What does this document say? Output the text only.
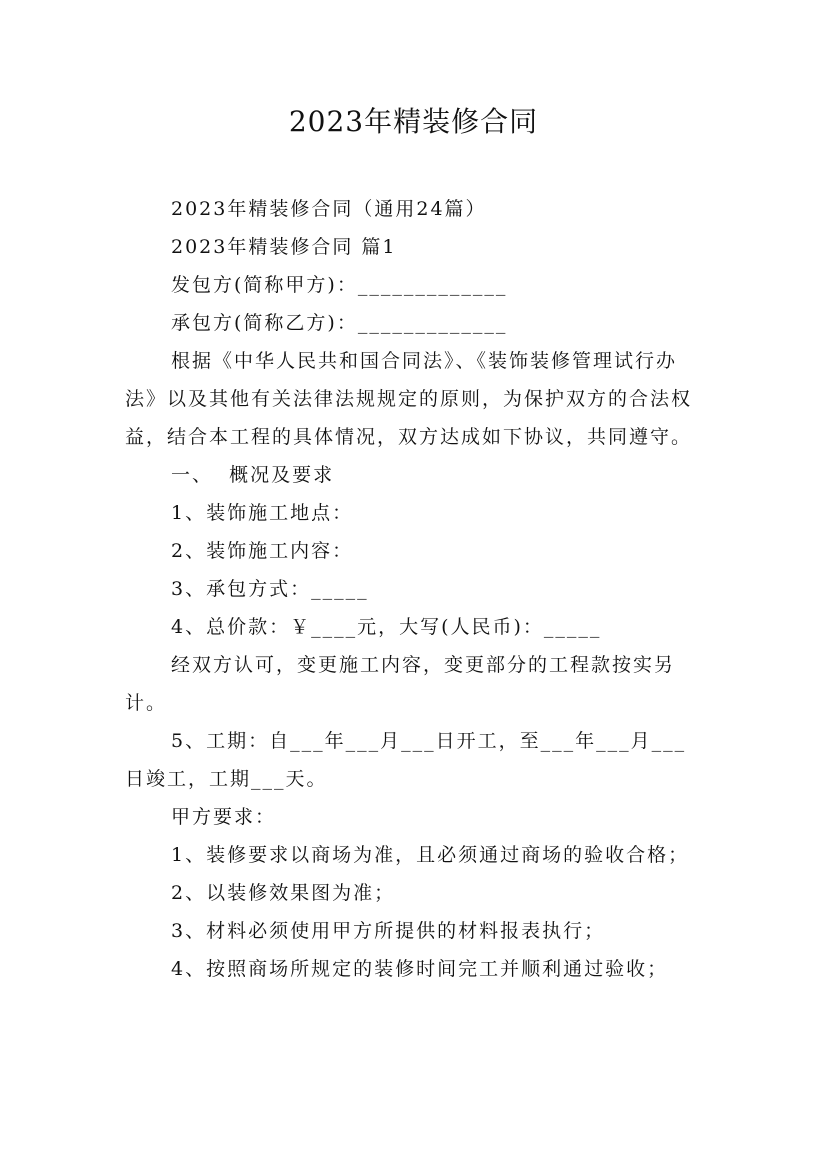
2023年精装修合同

2023年精装修合同（通用24篇）

2023年精装修合同 篇1

发包方(简称甲方)：_____________

承包方(简称乙方)：_____________

根据《中华人民共和国合同法》、《装饰装修管理试行办法》以及其他有关法律法规规定的原则，为保护双方的合法权益，结合本工程的具体情况，双方达成如下协议，共同遵守。

一、  概况及要求

1、装饰施工地点：

2、装饰施工内容：

3、承包方式：_____

4、总价款：￥____元，大写(人民币)：_____

经双方认可，变更施工内容，变更部分的工程款按实另计。

5、工期：自___年___月___日开工，至___年___月___日竣工，工期___天。

甲方要求：

1、装修要求以商场为准，且必须通过商场的验收合格；

2、以装修效果图为准；

3、材料必须使用甲方所提供的材料报表执行；

4、按照商场所规定的装修时间完工并顺利通过验收；
